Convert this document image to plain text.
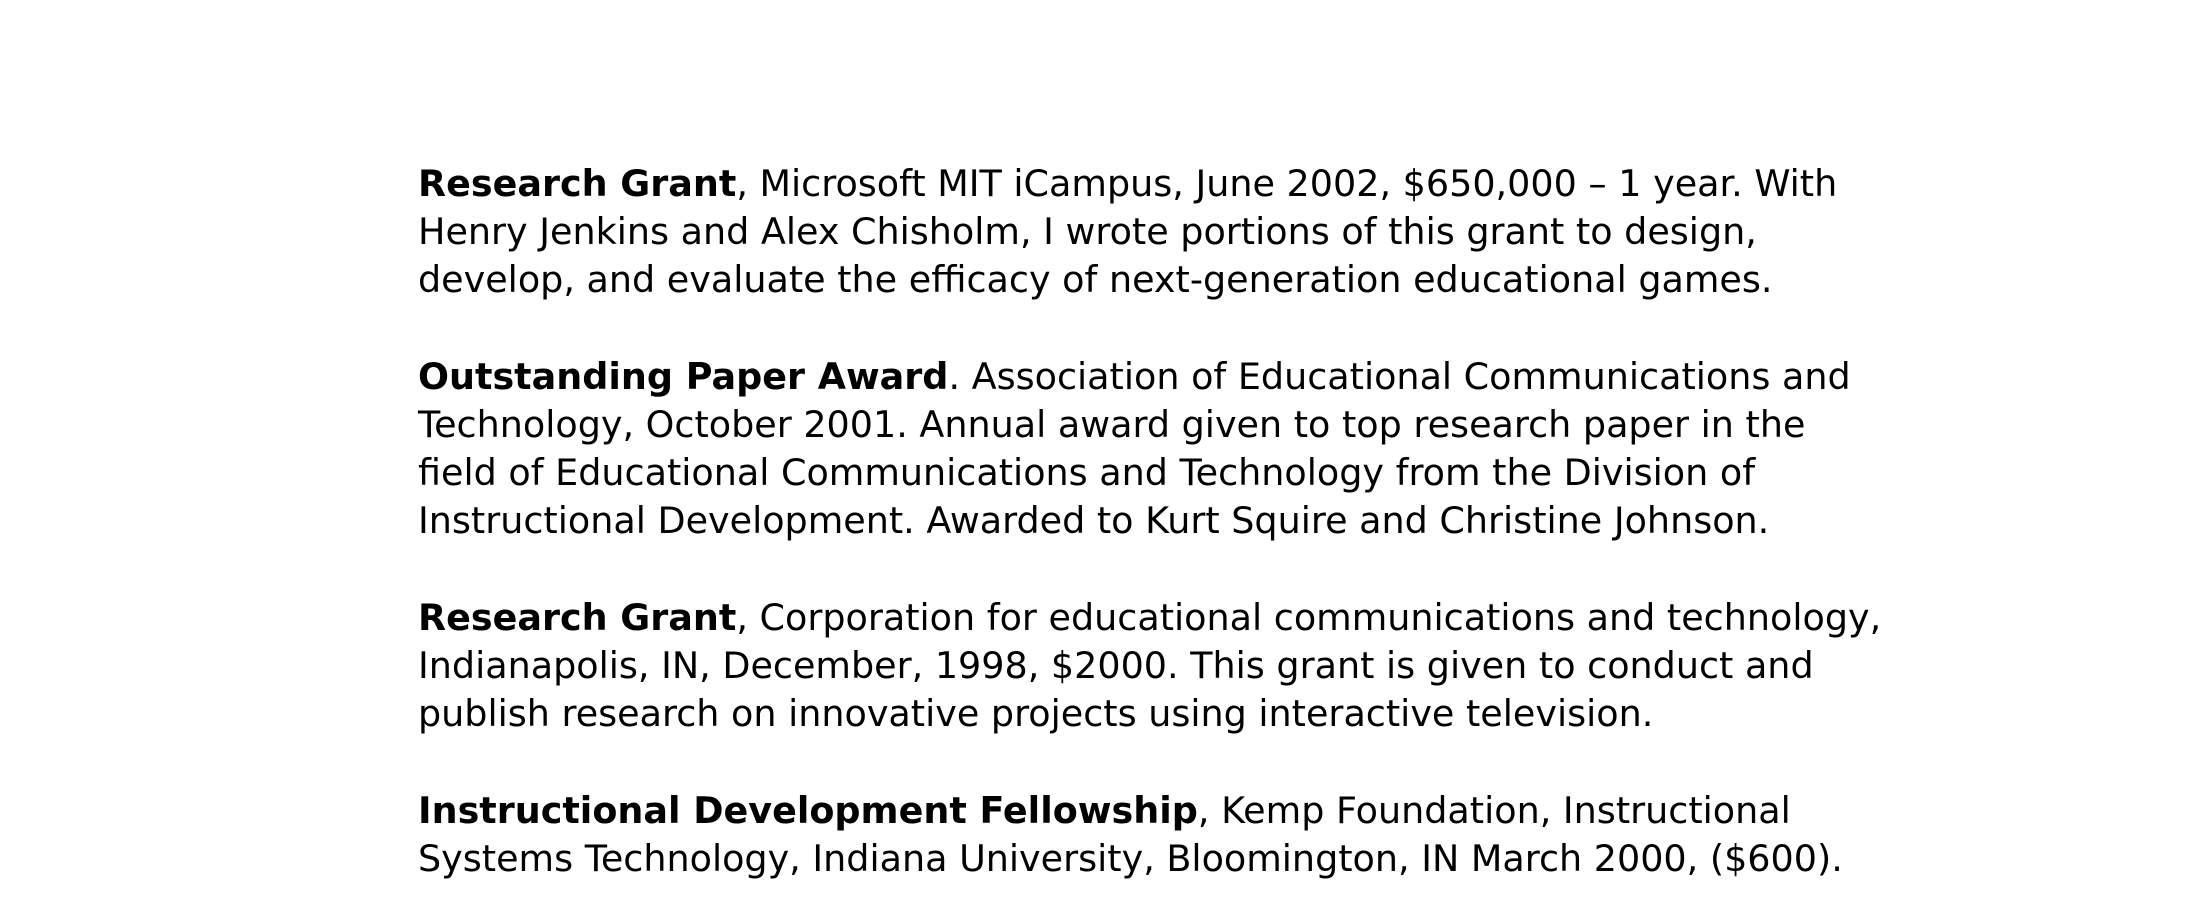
Research Grant, Microsoft MIT iCampus, June 2002, $650,000 – 1 year. With
Henry Jenkins and Alex Chisholm, I wrote portions of this grant to design,
develop, and evaluate the efficacy of next-generation educational games.
Outstanding Paper Award. Association of Educational Communications and
Technology, October 2001. Annual award given to top research paper in the
field of Educational Communications and Technology from the Division of
Instructional Development. Awarded to Kurt Squire and Christine Johnson.
Research Grant, Corporation for educational communications and technology,
Indianapolis, IN, December, 1998, $2000. This grant is given to conduct and
publish research on innovative projects using interactive television.
Instructional Development Fellowship, Kemp Foundation, Instructional
Systems Technology, Indiana University, Bloomington, IN March 2000, ($600).
